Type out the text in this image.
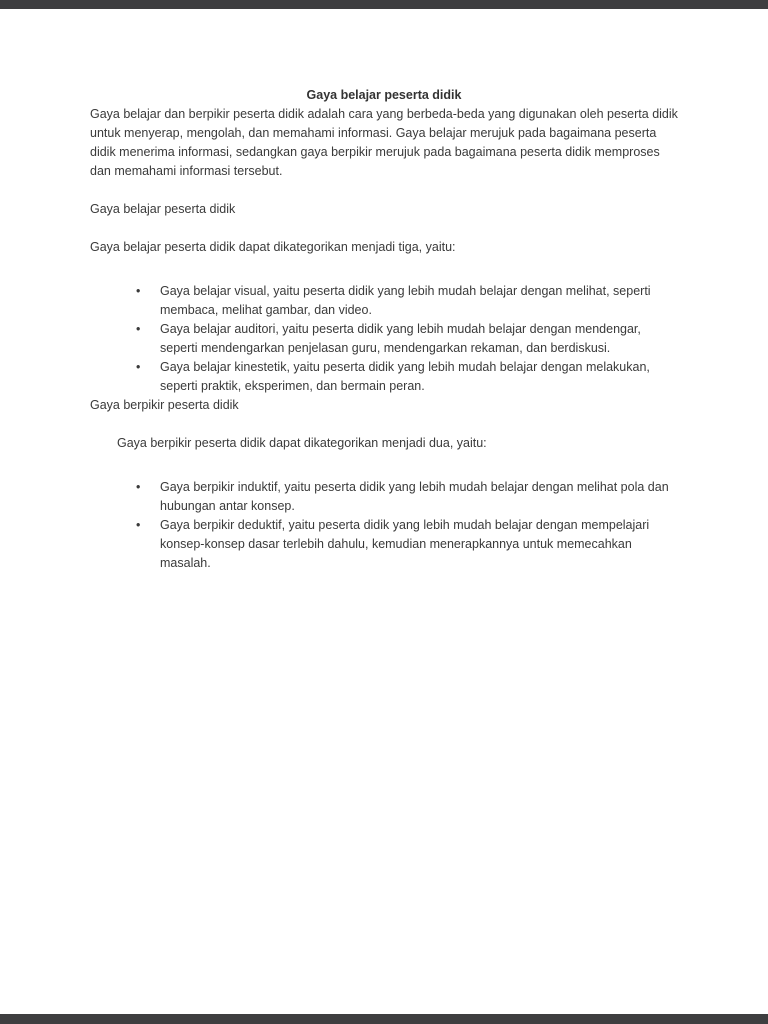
Gaya belajar peserta didik

Gaya belajar dan berpikir peserta didik adalah cara yang berbeda-beda yang digunakan oleh peserta didik untuk menyerap, mengolah, dan memahami informasi. Gaya belajar merujuk pada bagaimana peserta didik menerima informasi, sedangkan gaya berpikir merujuk pada bagaimana peserta didik memproses dan memahami informasi tersebut.

Gaya belajar peserta didik

Gaya belajar peserta didik dapat dikategorikan menjadi tiga, yaitu:

•	Gaya belajar visual, yaitu peserta didik yang lebih mudah belajar dengan melihat, seperti membaca, melihat gambar, dan video.
•	Gaya belajar auditori, yaitu peserta didik yang lebih mudah belajar dengan mendengar, seperti mendengarkan penjelasan guru, mendengarkan rekaman, dan berdiskusi.
•	Gaya belajar kinestetik, yaitu peserta didik yang lebih mudah belajar dengan melakukan, seperti praktik, eksperimen, dan bermain peran.

Gaya berpikir peserta didik

Gaya berpikir peserta didik dapat dikategorikan menjadi dua, yaitu:

•	Gaya berpikir induktif, yaitu peserta didik yang lebih mudah belajar dengan melihat pola dan hubungan antar konsep.
•	Gaya berpikir deduktif, yaitu peserta didik yang lebih mudah belajar dengan mempelajari konsep-konsep dasar terlebih dahulu, kemudian menerapkannya untuk memecahkan masalah.
